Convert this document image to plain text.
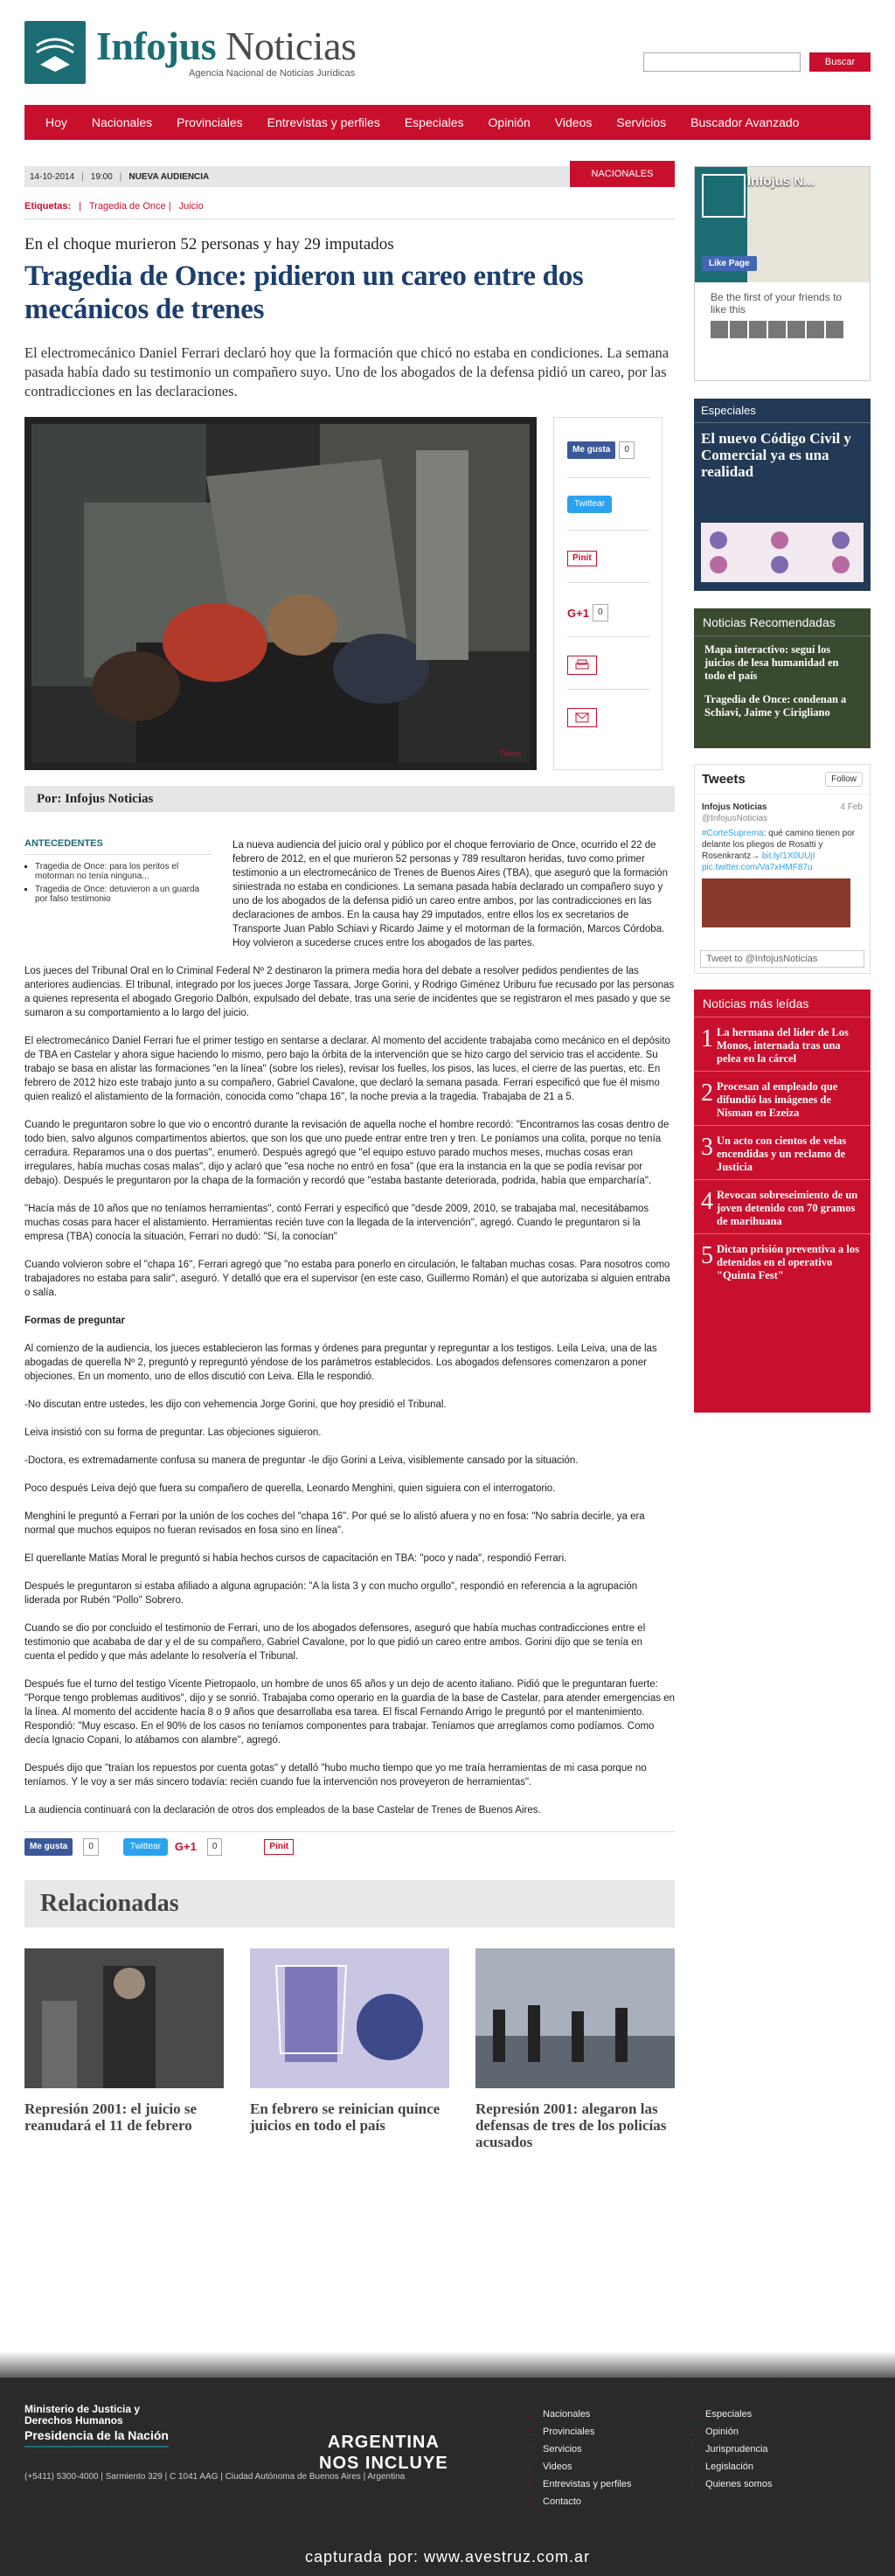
Infojus Noticias
Agencia Nacional de Noticias Jurídicas
Buscar
Hoy	Nacionales	Provinciales	Entrevistas y perfiles	Especiales	Opinión	Videos	Servicios	Buscador Avanzado
14-10-2014 | 19:00 | NUEVA AUDIENCIA	NACIONALES
Etiquetas: | Tragedia de Once | Juicio
En el choque murieron 52 personas y hay 29 imputados
Tragedia de Once: pidieron un careo entre dos mecánicos de trenes
El electromecánico Daniel Ferrari declaró hoy que la formación que chicó no estaba en condiciones. La semana pasada había dado su testimonio un compañero suyo. Uno de los abogados de la defensa pidió un careo, por las contradicciones en las declaraciones.
Télam
Me gusta	0
Twittear
Pinit
G+1	0
Por: Infojus Noticias
ANTECEDENTES
▪ Tragedia de Once: para los peritos el motorman no tenía ninguna...
▪ Tragedia de Once: detuvieron a un guarda por falso testimonio

La nueva audiencia del juicio oral y público por el choque ferroviario de Once, ocurrido el 22 de febrero de 2012, en el que murieron 52 personas y 789 resultaron heridas, tuvo como primer testimonio a un electromecánico de Trenes de Buenos Aires (TBA), que aseguró que la formación siniestrada no estaba en condiciones. La semana pasada había declarado un compañero suyo y uno de los abogados de la defensa pidió un careo entre ambos, por las contradicciones en las declaraciones de ambos. En la causa hay 29 imputados, entre ellos los ex secretarios de Transporte Juan Pablo Schiavi y Ricardo Jaime y el motorman de la formación, Marcos Córdoba. Hoy volvieron a sucederse cruces entre los abogados de las partes.

Los jueces del Tribunal Oral en lo Criminal Federal Nº 2 destinaron la primera media hora del debate a resolver pedidos pendientes de las anteriores audiencias. El tribunal, integrado por los jueces Jorge Tassara, Jorge Gorini, y Rodrigo Giménez Uriburu fue recusado por las personas a quienes representa el abogado Gregorio Dalbón, expulsado del debate, tras una serie de incidentes que se registraron el mes pasado y que se sumaron a su comportamiento a lo largo del juicio.

El electromecánico Daniel Ferrari fue el primer testigo en sentarse a declarar. Al momento del accidente trabajaba como mecánico en el depósito de TBA en Castelar y ahora sigue haciendo lo mismo, pero bajo la órbita de la intervención que se hizo cargo del servicio tras el accidente. Su trabajo se basa en alistar las formaciones "en la línea" (sobre los rieles), revisar los fuelles, los pisos, las luces, el cierre de las puertas, etc. En febrero de 2012 hizo este trabajo junto a su compañero, Gabriel Cavalone, que declaró la semana pasada. Ferrari especificó que fue él mismo quien realizó el alistamiento de la formación, conocida como "chapa 16", la noche previa a la tragedia. Trabajaba de 21 a 5.

Cuando le preguntaron sobre lo que vio o encontró durante la revisación de aquella noche el hombre recordó: "Encontramos las cosas dentro de todo bien, salvo algunos compartimentos abiertos, que son los que uno puede entrar entre tren y tren. Le poníamos una colita, porque no tenía cerradura. Reparamos una o dos puertas", enumeró. Después agregó que "el equipo estuvo parado muchos meses, muchas cosas eran irregulares, había muchas cosas malas", dijo y aclaró que "esa noche no entró en fosa" (que era la instancia en la que se podía revisar por debajo). Después le preguntaron por la chapa de la formación y recordó que "estaba bastante deteriorada, podrida, había que emparcharía".

"Hacía más de 10 años que no teníamos herramientas", contó Ferrari y especificó que "desde 2009, 2010, se trabajaba mal, necesitábamos muchas cosas para hacer el alistamiento. Herramientas recién tuve con la llegada de la intervención", agregó. Cuando le preguntaron si la empresa (TBA) conocía la situación, Ferrari no dudó: "Sí, la conocían"

Cuando volvieron sobre el "chapa 16", Ferrari agregó que "no estaba para ponerlo en circulación, le faltaban muchas cosas. Para nosotros como trabajadores no estaba para salir", aseguró. Y detalló que era el supervisor (en este caso, Guillermo Román) el que autorizaba si alguien entraba o salía.

Formas de preguntar

Al comienzo de la audiencia, los jueces establecieron las formas y órdenes para preguntar y repreguntar a los testigos. Leila Leiva, una de las abogadas de querella Nº 2, preguntó y repreguntó yéndose de los parámetros establecidos. Los abogados defensores comenzaron a poner objeciones. En un momento, uno de ellos discutió con Leiva. Ella le respondió.

-No discutan entre ustedes, les dijo con vehemencia Jorge Gorini, que hoy presidió el Tribunal.

Leiva insistió con su forma de preguntar. Las objeciones siguieron.

-Doctora, es extremadamente confusa su manera de preguntar -le dijo Gorini a Leiva, visiblemente cansado por la situación.

Poco después Leiva dejó que fuera su compañero de querella, Leonardo Menghini, quien siguiera con el interrogatorio.

Menghini le preguntó a Ferrari por la unión de los coches del "chapa 16". Por qué se lo alistó afuera y no en fosa: "No sabría decirle, ya era normal que muchos equipos no fueran revisados en fosa sino en línea".

El querellante Matías Moral le preguntó si había hechos cursos de capacitación en TBA: "poco y nada", respondió Ferrari.

Después le preguntaron si estaba afiliado a alguna agrupación: "A la lista 3 y con mucho orgullo", respondió en referencia a la agrupación liderada por Rubén "Pollo" Sobrero.

Cuando se dio por concluido el testimonio de Ferrari, uno de los abogados defensores, aseguró que había muchas contradicciones entre el testimonio que acababa de dar y el de su compañero, Gabriel Cavalone, por lo que pidió un careo entre ambos. Gorini dijo que se tenía en cuenta el pedido y que más adelante lo resolvería el Tribunal.

Después fue el turno del testigo Vicente Pietropaolo, un hombre de unos 65 años y un dejo de acento italiano. Pidió que le preguntaran fuerte: "Porque tengo problemas auditivos", dijo y se sonrió. Trabajaba como operario en la guardia de la base de Castelar, para atender emergencias en la línea. Al momento del accidente hacía 8 o 9 años que desarrollaba esa tarea. El fiscal Fernando Arrigo le preguntó por el mantenimiento. Respondió: "Muy escaso. En el 90% de los casos no teníamos componentes para trabajar. Teníamos que arreglamos como podíamos. Como decía Ignacio Copani, lo atábamos con alambre", agregó.

Después dijo que "traían los repuestos por cuenta gotas" y detalló "hubo mucho tiempo que yo me traía herramientas de mi casa porque no teníamos. Y le voy a ser más sincero todavía: recién cuando fue la intervención nos proveyeron de herramientas".

La audiencia continuará con la declaración de otros dos empleados de la base Castelar de Trenes de Buenos Aires.

Me gusta	0	Twittear	G+1	0	Pinit
Relacionadas
Represión 2001: el juicio se reanudará el 11 de febrero
En febrero se reinician quince juicios en todo el país
Represión 2001: alegaron las defensas de tres de los policías acusados
Infojus N...
Like Page
Be the first of your friends to like this
Especiales
El nuevo Código Civil y Comercial ya es una realidad
Noticias Recomendadas
Mapa interactivo: seguí los juicios de lesa humanidad en todo el país
Tragedia de Once: condenan a Schiavi, Jaime y Cirigliano
Tweets	Follow
Infojus Noticias	4 Feb
@InfojusNoticias
#CorteSuprema: qué camino tienen por delante los pliegos de Rosatti y Rosenkrantz→ bit.ly/1X0UUjI pic.twitter.com/Va7xHMF87u
Tweet to @InfojusNoticias
Noticias más leídas
1 La hermana del líder de Los Monos, internada tras una pelea en la cárcel
2 Procesan al empleado que difundió las imágenes de Nisman en Ezeiza
3 Un acto con cientos de velas encendidas y un reclamo de Justicia
4 Revocan sobreseimiento de un joven detenido con 70 gramos de marihuana
5 Dictan prisión preventiva a los detenidos en el operativo "Quinta Fest"
Ministerio de Justicia y Derechos Humanos
Presidencia de la Nación	ARGENTINA
NOS INCLUYE
(+5411) 5300-4000 | Sarmiento 329 | C 1041 AAG | Ciudad Autónoma de Buenos Aires | Argentina
:: Nacionales
:: Provinciales
:: Servicios
:: Videos
:: Entrevistas y perfiles
:: Contacto
:: Especiales
:: Opinión
:: Jurisprudencia
:: Legislación
:: Quienes somos
capturada por: www.avestruz.com.ar
